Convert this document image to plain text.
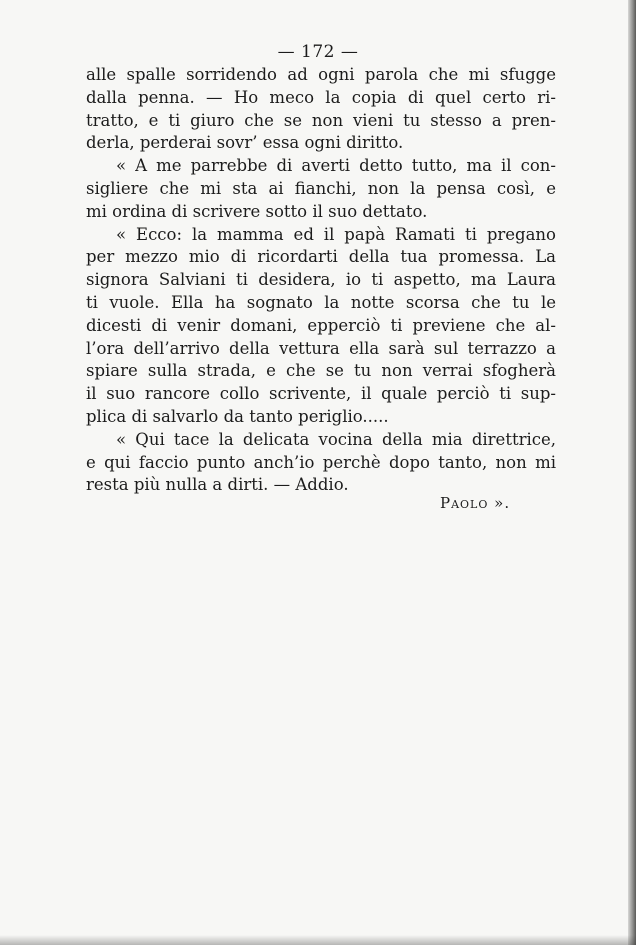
— 172 —
alle spalle sorridendo ad ogni parola che mi sfugge
dalla penna. — Ho meco la copia di quel certo ri-
tratto, e ti giuro che se non vieni tu stesso a pren-
derla, perderai sovr’ essa ogni diritto.
« A me parrebbe di averti detto tutto, ma il con-
sigliere che mi sta ai fianchi, non la pensa così, e
mi ordina di scrivere sotto il suo dettato.
« Ecco: la mamma ed il papà Ramati ti pregano
per mezzo mio di ricordarti della tua promessa. La
signora Salviani ti desidera, io ti aspetto, ma Laura
ti vuole. Ella ha sognato la notte scorsa che tu le
dicesti di venir domani, epperciò ti previene che al-
l’ora dell’arrivo della vettura ella sarà sul terrazzo a
spiare sulla strada, e che se tu non verrai sfogherà
il suo rancore collo scrivente, il quale perciò ti sup-
plica di salvarlo da tanto periglio.....
« Qui tace la delicata vocina della mia direttrice,
e qui faccio punto anch’io perchè dopo tanto, non mi
resta più nulla a dirti. — Addio.
Paolo ».
